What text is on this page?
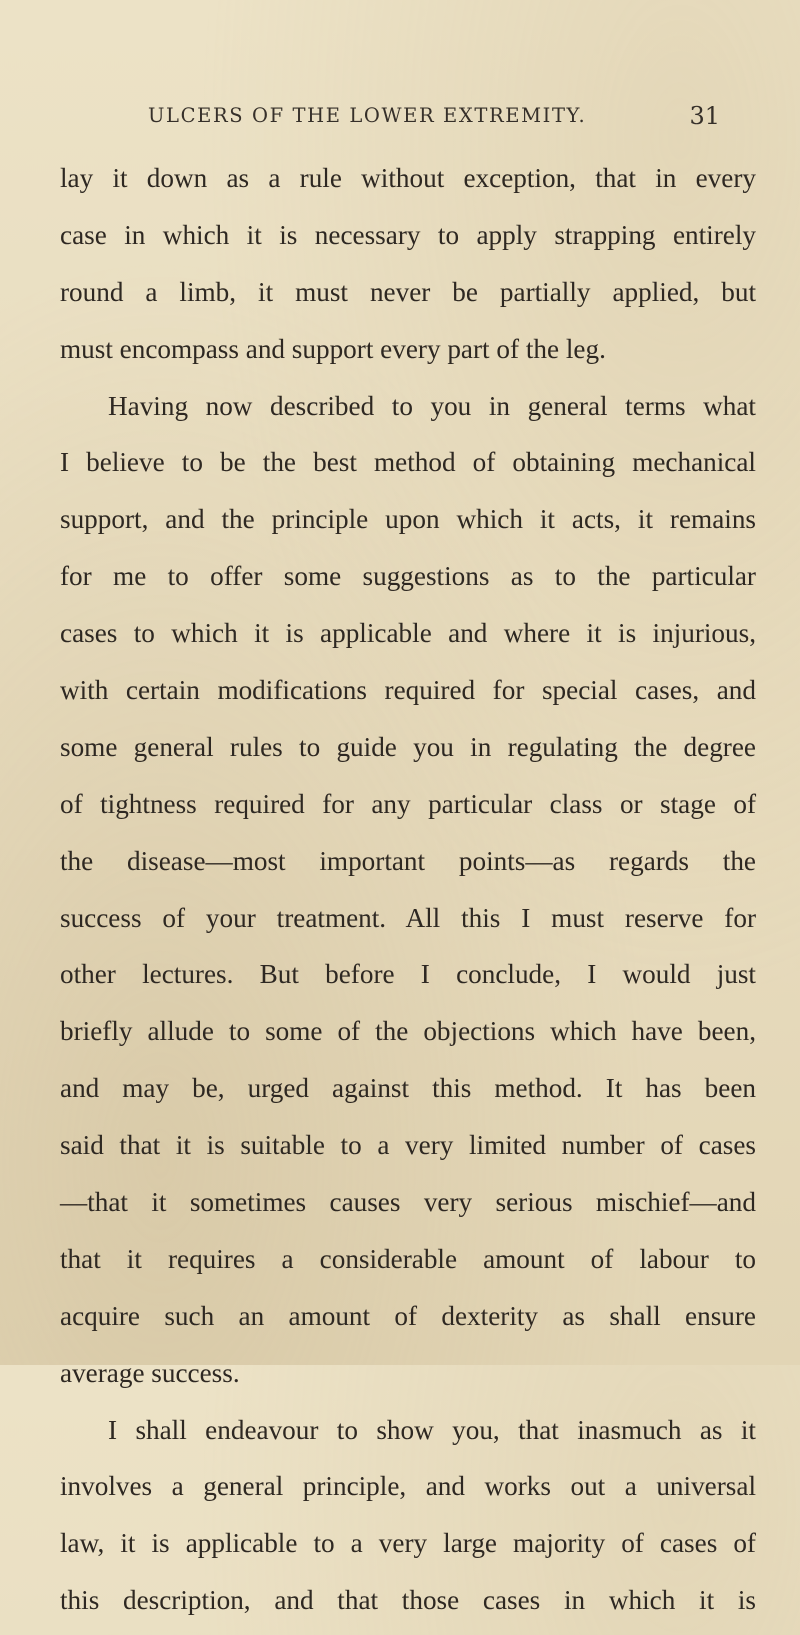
ULCERS OF THE LOWER EXTREMITY.	31
lay it down as a rule without exception, that in every
case in which it is necessary to apply strapping entirely
round a limb, it must never be partially applied, but
must encompass and support every part of the leg.
Having now described to you in general terms what
I believe to be the best method of obtaining mechanical
support, and the principle upon which it acts, it remains
for me to offer some suggestions as to the particular
cases to which it is applicable and where it is injurious,
with certain modifications required for special cases, and
some general rules to guide you in regulating the degree
of tightness required for any particular class or stage of
the disease—most important points—as regards the
success of your treatment. All this I must reserve for
other lectures. But before I conclude, I would just
briefly allude to some of the objections which have been,
and may be, urged against this method. It has been
said that it is suitable to a very limited number of cases
—that it sometimes causes very serious mischief—and
that it requires a considerable amount of labour to
acquire such an amount of dexterity as shall ensure
average success.
I shall endeavour to show you, that inasmuch as it
involves a general principle, and works out a universal
law, it is applicable to a very large majority of cases of
this description, and that those cases in which it is
